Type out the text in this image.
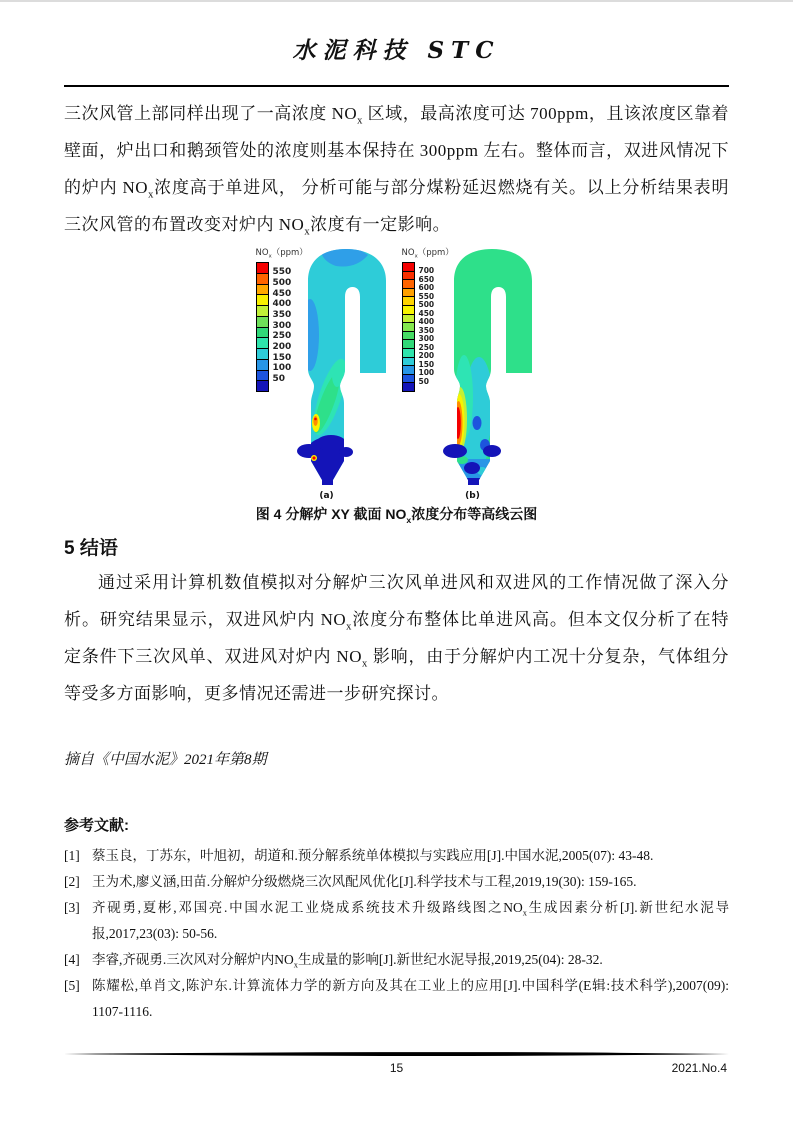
水泥科技 STC

三次风管上部同样出现了一高浓度 $NO_x$ 区域，最高浓度可达 700ppm，且该浓度区靠着壁面，炉出口和鹅颈管处的浓度则基本保持在 300ppm 左右。整体而言，双进风情况下的炉内 $NO_x$浓度高于单进风， 分析可能与部分煤粉延迟燃烧有关。以上分析结果表明三次风管的布置改变对炉内 $NO_x$浓度有一定影响。

$NO_x(ppm)$
550
500
450
400
350
300
250
200
150
100
50
(a)
$NO_x(ppm)$
700
650
600
550
500
450
400
350
300
250
200
150
100
50
(b)
图 4 分解炉 XY 截面 $NO_x$浓度分布等高线云图
5 结语

通过采用计算机数值模拟对分解炉三次风单进风和双进风的工作情况做了深入分析。研究结果显示，双进风炉内 $NO_x$浓度分布整体比单进风高。但本文仅分析了在特定条件下三次风单、双进风对炉内 $NO_x$ 影响，由于分解炉内工况十分复杂，气体组分等受多方面影响，更多情况还需进一步研究探讨。

摘自《中国水泥》2021年第8期

参考文献:
[1] 蔡玉良，丁苏东，叶旭初，胡道和.预分解系统单体模拟与实践应用[J].中国水泥,2005(07): 43-48.
[2] 王为术,廖义涵,田苗.分解炉分级燃烧三次风配风优化[J].科学技术与工程,2019,19(30): 159-165.
[3] 齐砚勇,夏彬,邓国亮.中国水泥工业烧成系统技术升级路线图之$NO_x$生成因素分析[J].新世纪水泥导报,2017,23(03): 50-56.
[4] 李睿,齐砚勇.三次风对分解炉内$NO_x$生成量的影响[J].新世纪水泥导报,2019,25(04): 28-32.
[5] 陈耀松,单肖文,陈沪东.计算流体力学的新方向及其在工业上的应用[J].中国科学(E辑:技术科学),2007(09): 1107-1116.
15	2021.No.4
